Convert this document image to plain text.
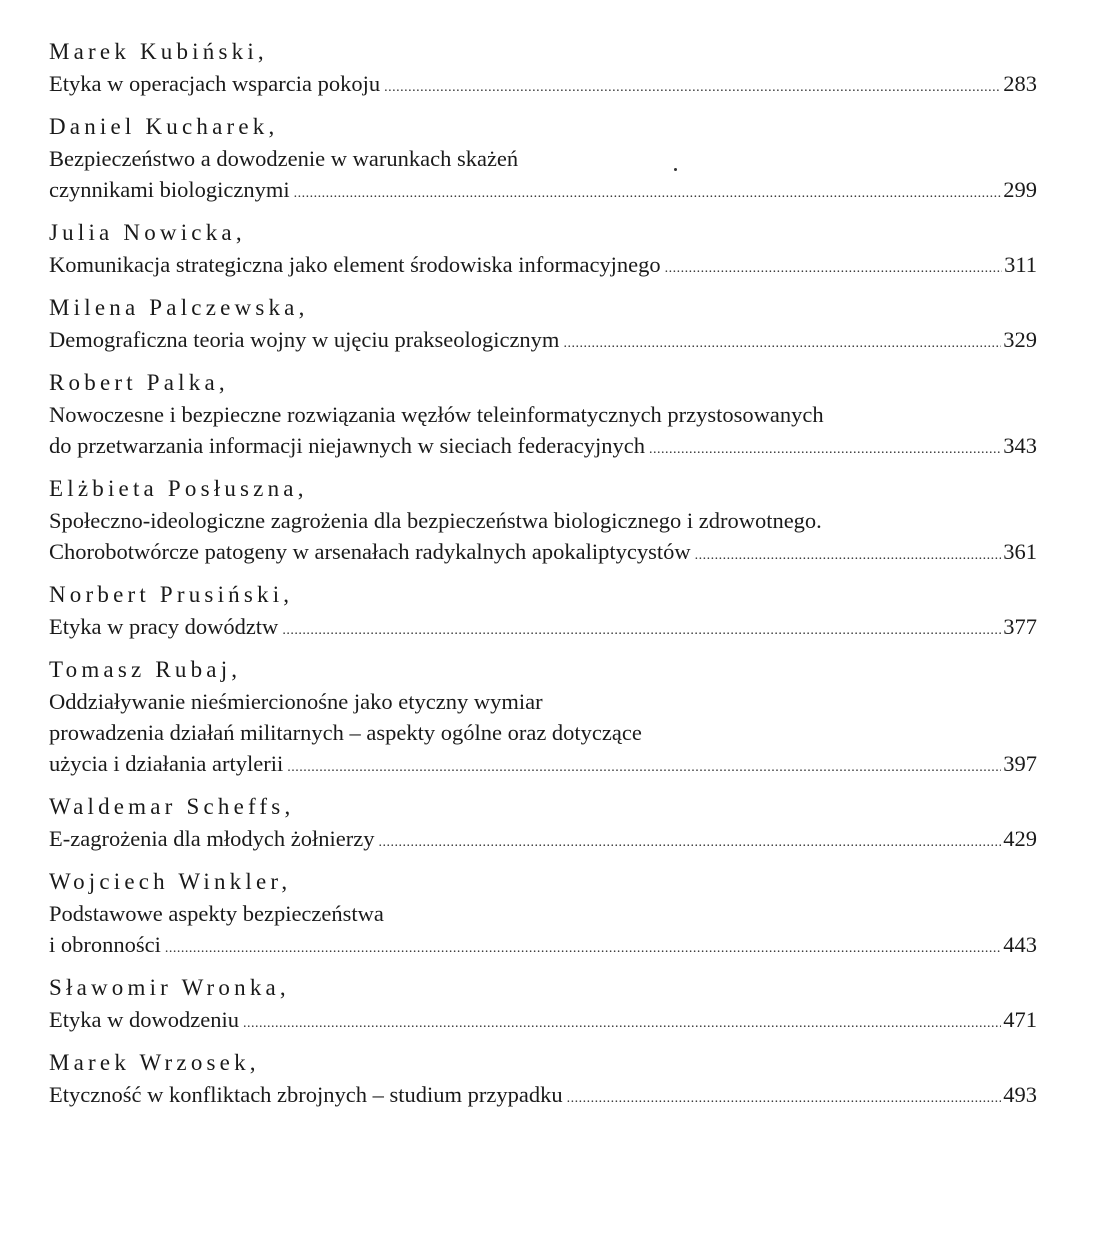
Marek Kubiński,
Etyka w operacjach wsparcia pokoju .....	283
Daniel Kucharek,
Bezpieczeństwo a dowodzenie w warunkach skażeń
czynnikami biologicznymi .....	299
Julia Nowicka,
Komunikacja strategiczna jako element środowiska informacyjnego .....	311
Milena Palczewska,
Demograficzna teoria wojny w ujęciu prakseologicznym .....	329
Robert Palka,
Nowoczesne i bezpieczne rozwiązania węzłów teleinformatycznych przystosowanych
do przetwarzania informacji niejawnych w sieciach federacyjnych .....	343
Elżbieta Posłuszna,
Społeczno-ideologiczne zagrożenia dla bezpieczeństwa biologicznego i zdrowotnego.
Chorobotwórcze patogeny w arsenałach radykalnych apokaliptycystów .....	361
Norbert Prusiński,
Etyka w pracy dowództw .....	377
Tomasz Rubaj,
Oddziaływanie nieśmiercionośne jako etyczny wymiar
prowadzenia działań militarnych – aspekty ogólne oraz dotyczące
użycia i działania artylerii .....	397
Waldemar Scheffs,
E-zagrożenia dla młodych żołnierzy .....	429
Wojciech Winkler,
Podstawowe aspekty bezpieczeństwa
i obronności .....	443
Sławomir Wronka,
Etyka w dowodzeniu .....	471
Marek Wrzosek,
Etyczność w konfliktach zbrojnych – studium przypadku .....	493
